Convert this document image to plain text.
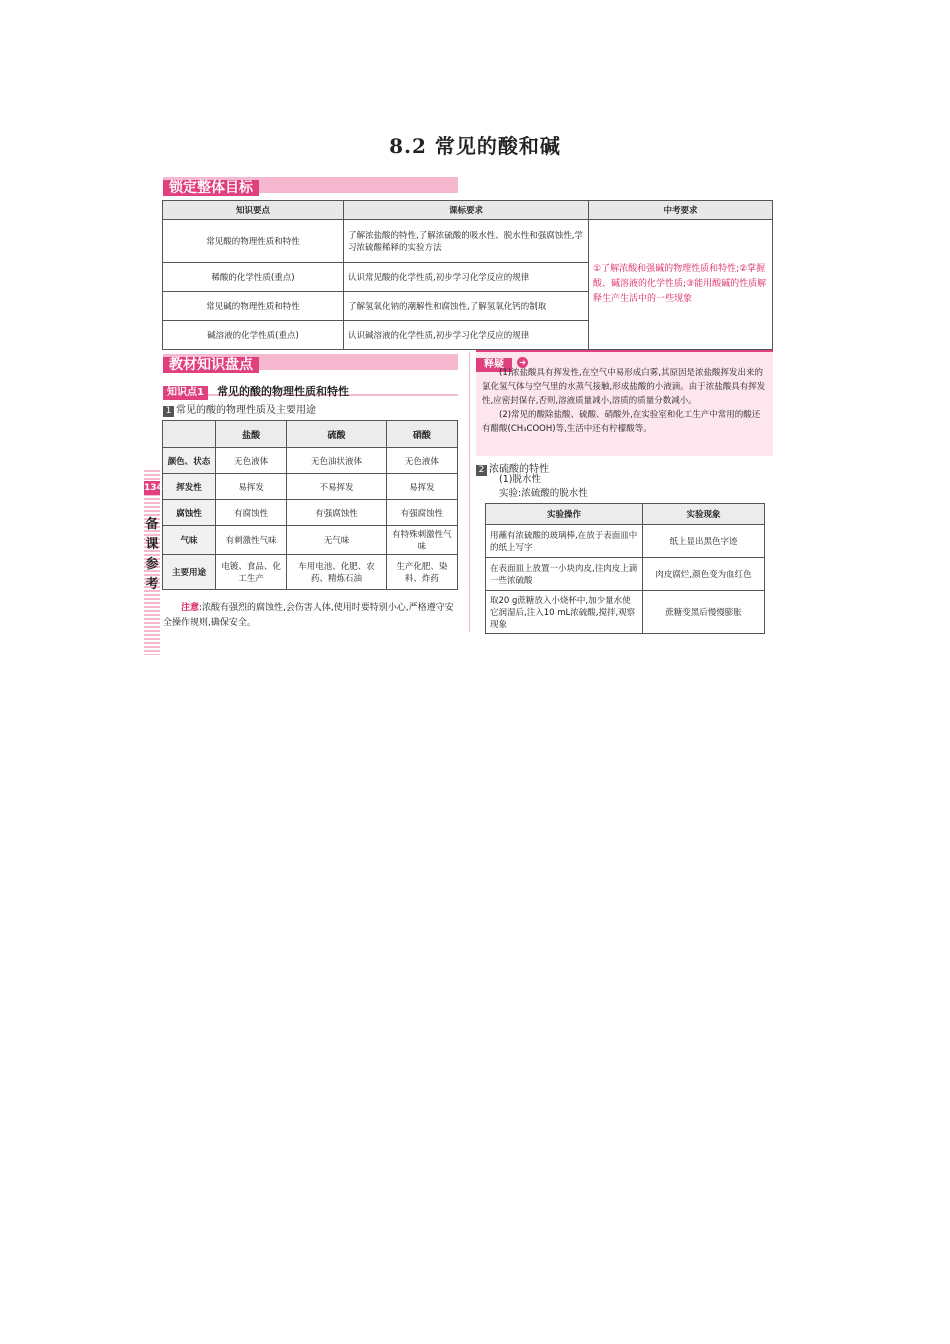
8.2 常见的酸和碱
锁定整体目标
知识要点	课标要求	中考要求
常见酸的物理性质和特性	了解浓盐酸的特性,了解浓硫酸的吸水性、脱水性和强腐蚀性,学习浓硫酸稀释的实验方法	①了解浓酸和强碱的物理性质和特性;②掌握酸、碱溶液的化学性质;③能用酸碱的性质解释生产生活中的一些现象
稀酸的化学性质(重点)	认识常见酸的化学性质,初步学习化学反应的规律	
常见碱的物理性质和特性	了解氢氧化钠的潮解性和腐蚀性,了解氢氧化钙的制取	
碱溶液的化学性质(重点)	认识碱溶液的化学性质,初步学习化学反应的规律	
教材知识盘点
知识点1 常见的酸的物理性质和特性
1 常见的酸的物理性质及主要用途
	盐酸	硫酸	硝酸
颜色、状态	无色液体	无色油状液体	无色液体
挥发性	易挥发	不易挥发	易挥发
腐蚀性	有腐蚀性	有强腐蚀性	有强腐蚀性
气味	有刺激性气味	无气味	有特殊刺激性气味
主要用途	电镀、食品、化工生产	车用电池、化肥、农药、精炼石油	生产化肥、染料、炸药
注意:浓酸有强烈的腐蚀性,会伤害人体,使用时要特别小心,严格遵守安全操作规则,确保安全。
134
备
课
参
考
释疑 ➜
(1)浓盐酸具有挥发性,在空气中易形成白雾,其原因是浓盐酸挥发出来的氯化氢气体与空气里的水蒸气接触,形成盐酸的小液滴。由于浓盐酸具有挥发性,应密封保存,否则,溶液质量减小,溶质的质量分数减小。
(2)常见的酸除盐酸、硫酸、硝酸外,在实验室和化工生产中常用的酸还有醋酸(CH₃COOH)等,生活中还有柠檬酸等。
2 浓硫酸的特性
(1)脱水性
实验:浓硫酸的脱水性
实验操作	实验现象
用蘸有浓硫酸的玻璃棒,在放于表面皿中的纸上写字	纸上显出黑色字迹
在表面皿上放置一小块肉皮,往肉皮上滴一些浓硫酸	肉皮腐烂,颜色变为血红色
取20 g蔗糖放入小烧杯中,加少量水使它润湿后,注入10 mL浓硫酸,搅拌,观察现象	蔗糖变黑后慢慢膨胀
